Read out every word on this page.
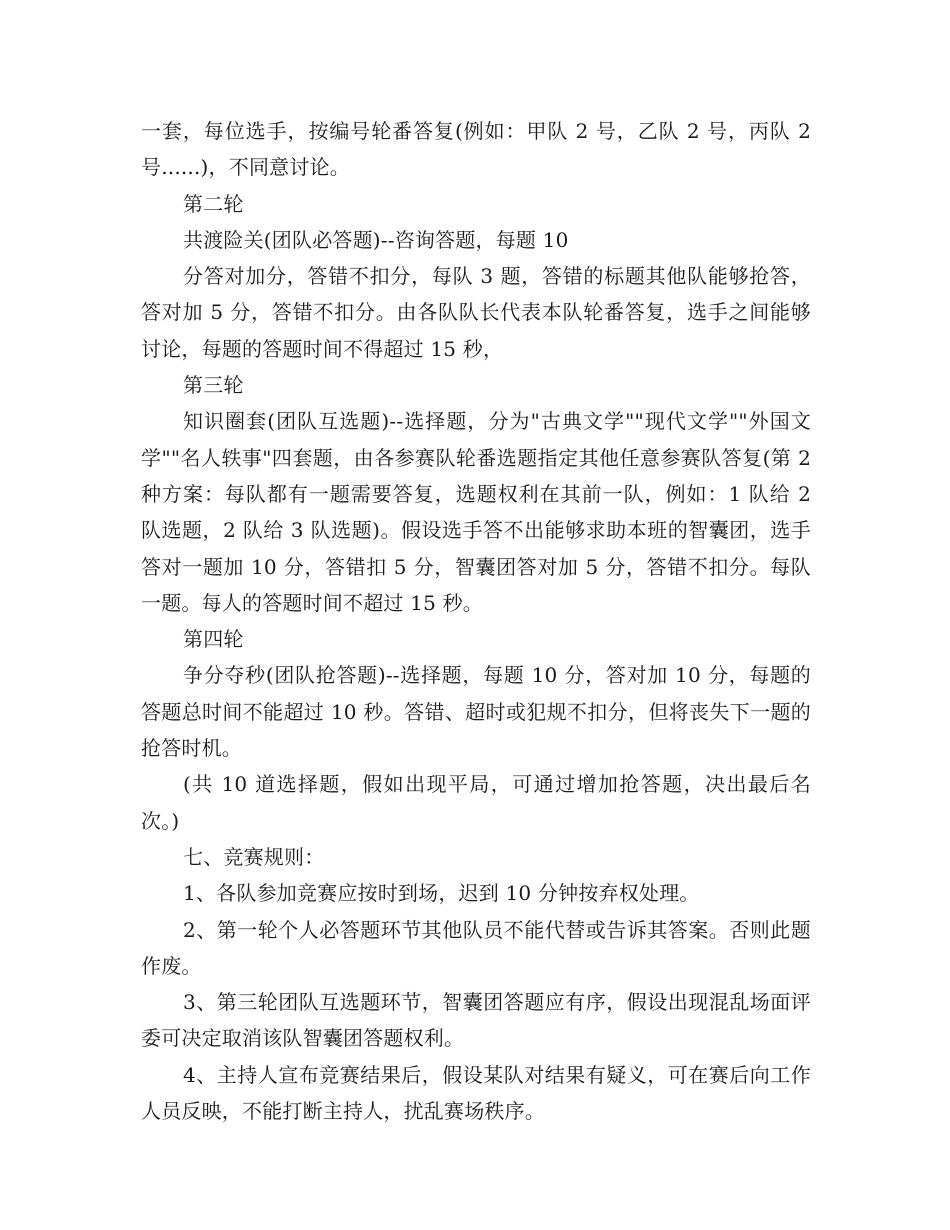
一套，每位选手，按编号轮番答复(例如：甲队 2 号，乙队 2 号，丙队 2 号......)，不同意讨论。

第二轮

共渡险关(团队必答题)--咨询答题，每题 10

分答对加分，答错不扣分，每队 3 题，答错的标题其他队能够抢答，答对加 5 分，答错不扣分。由各队队长代表本队轮番答复，选手之间能够讨论，每题的答题时间不得超过 15 秒，

第三轮

知识圈套(团队互选题)--选择题，分为"古典文学""现代文学""外国文学""名人轶事"四套题，由各参赛队轮番选题指定其他任意参赛队答复(第 2 种方案：每队都有一题需要答复，选题权利在其前一队，例如：1 队给 2 队选题，2 队给 3 队选题)。假设选手答不出能够求助本班的智囊团，选手答对一题加 10 分，答错扣 5 分，智囊团答对加 5 分，答错不扣分。每队一题。每人的答题时间不超过 15 秒。

第四轮

争分夺秒(团队抢答题)--选择题，每题 10 分，答对加 10 分，每题的答题总时间不能超过 10 秒。答错、超时或犯规不扣分，但将丧失下一题的抢答时机。

(共 10 道选择题，假如出现平局，可通过增加抢答题，决出最后名次。)

七、竞赛规则：

1、各队参加竞赛应按时到场，迟到 10 分钟按弃权处理。

2、第一轮个人必答题环节其他队员不能代替或告诉其答案。否则此题作废。

3、第三轮团队互选题环节，智囊团答题应有序，假设出现混乱场面评委可决定取消该队智囊团答题权利。

4、主持人宣布竞赛结果后，假设某队对结果有疑义，可在赛后向工作人员反映，不能打断主持人，扰乱赛场秩序。
